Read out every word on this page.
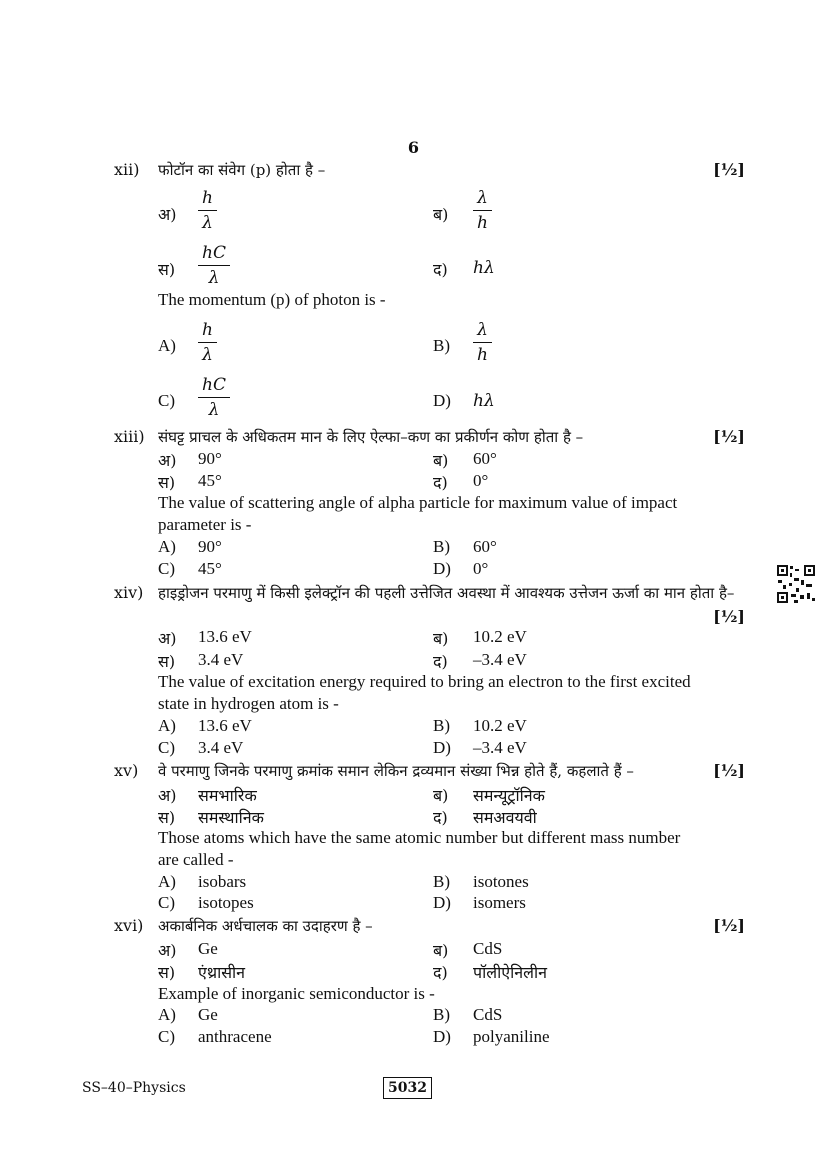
6
xii) फोटॉन का संवेग (p) होता है –	[½]
अ) $\frac{h}{\lambda}$	ब) $\frac{\lambda}{h}$
स) $\frac{hC}{\lambda}$	द) hλ
The momentum (p) of photon is -
$A) \frac{h}{\lambda}$	$B) \frac{\lambda}{h}$
$C) \frac{hC}{\lambda}$	D) hλ
xiii) संघट्ट प्राचल के अधिकतम मान के लिए ऐल्फा–कण का प्रकीर्णन कोण होता है –	[½]
अ) 90°	ब) 60°
स) 45°	द) 0°
The value of scattering angle of alpha particle for maximum value of impact
parameter is -
A) 90°	B) 60°
C) 45°	D) 0°
xiv) हाइड्रोजन परमाणु में किसी इलेक्ट्रॉन की पहली उत्तेजित अवस्था में आवश्यक उत्तेजन ऊर्जा का मान होता है–
[½]
अ) 13.6 eV	ब) 10.2 eV
स) 3.4 eV	द) –3.4 eV
The value of excitation energy required to bring an electron to the first excited
state in hydrogen atom is -
A) 13.6 eV	B) 10.2 eV
C) 3.4 eV	D) –3.4 eV
xv) वे परमाणु जिनके परमाणु क्रमांक समान लेकिन द्रव्यमान संख्या भिन्न होते हैं, कहलाते हैं –	[½]
अ) समभारिक	ब) समन्यूट्रॉनिक
स) समस्थानिक	द) समअवयवी
Those atoms which have the same atomic number but different mass number
are called -
A) isobars	B) isotones
C) isotopes	D) isomers
xvi) अकार्बनिक अर्धचालक का उदाहरण है –	[½]
अ) Ge	ब) CdS
स) एंथ्रासीन	द) पॉलीऐनिलीन
Example of inorganic semiconductor is -
A) Ge	B) CdS
C) anthracene	D) polyaniline
SS–40–Physics	5032
